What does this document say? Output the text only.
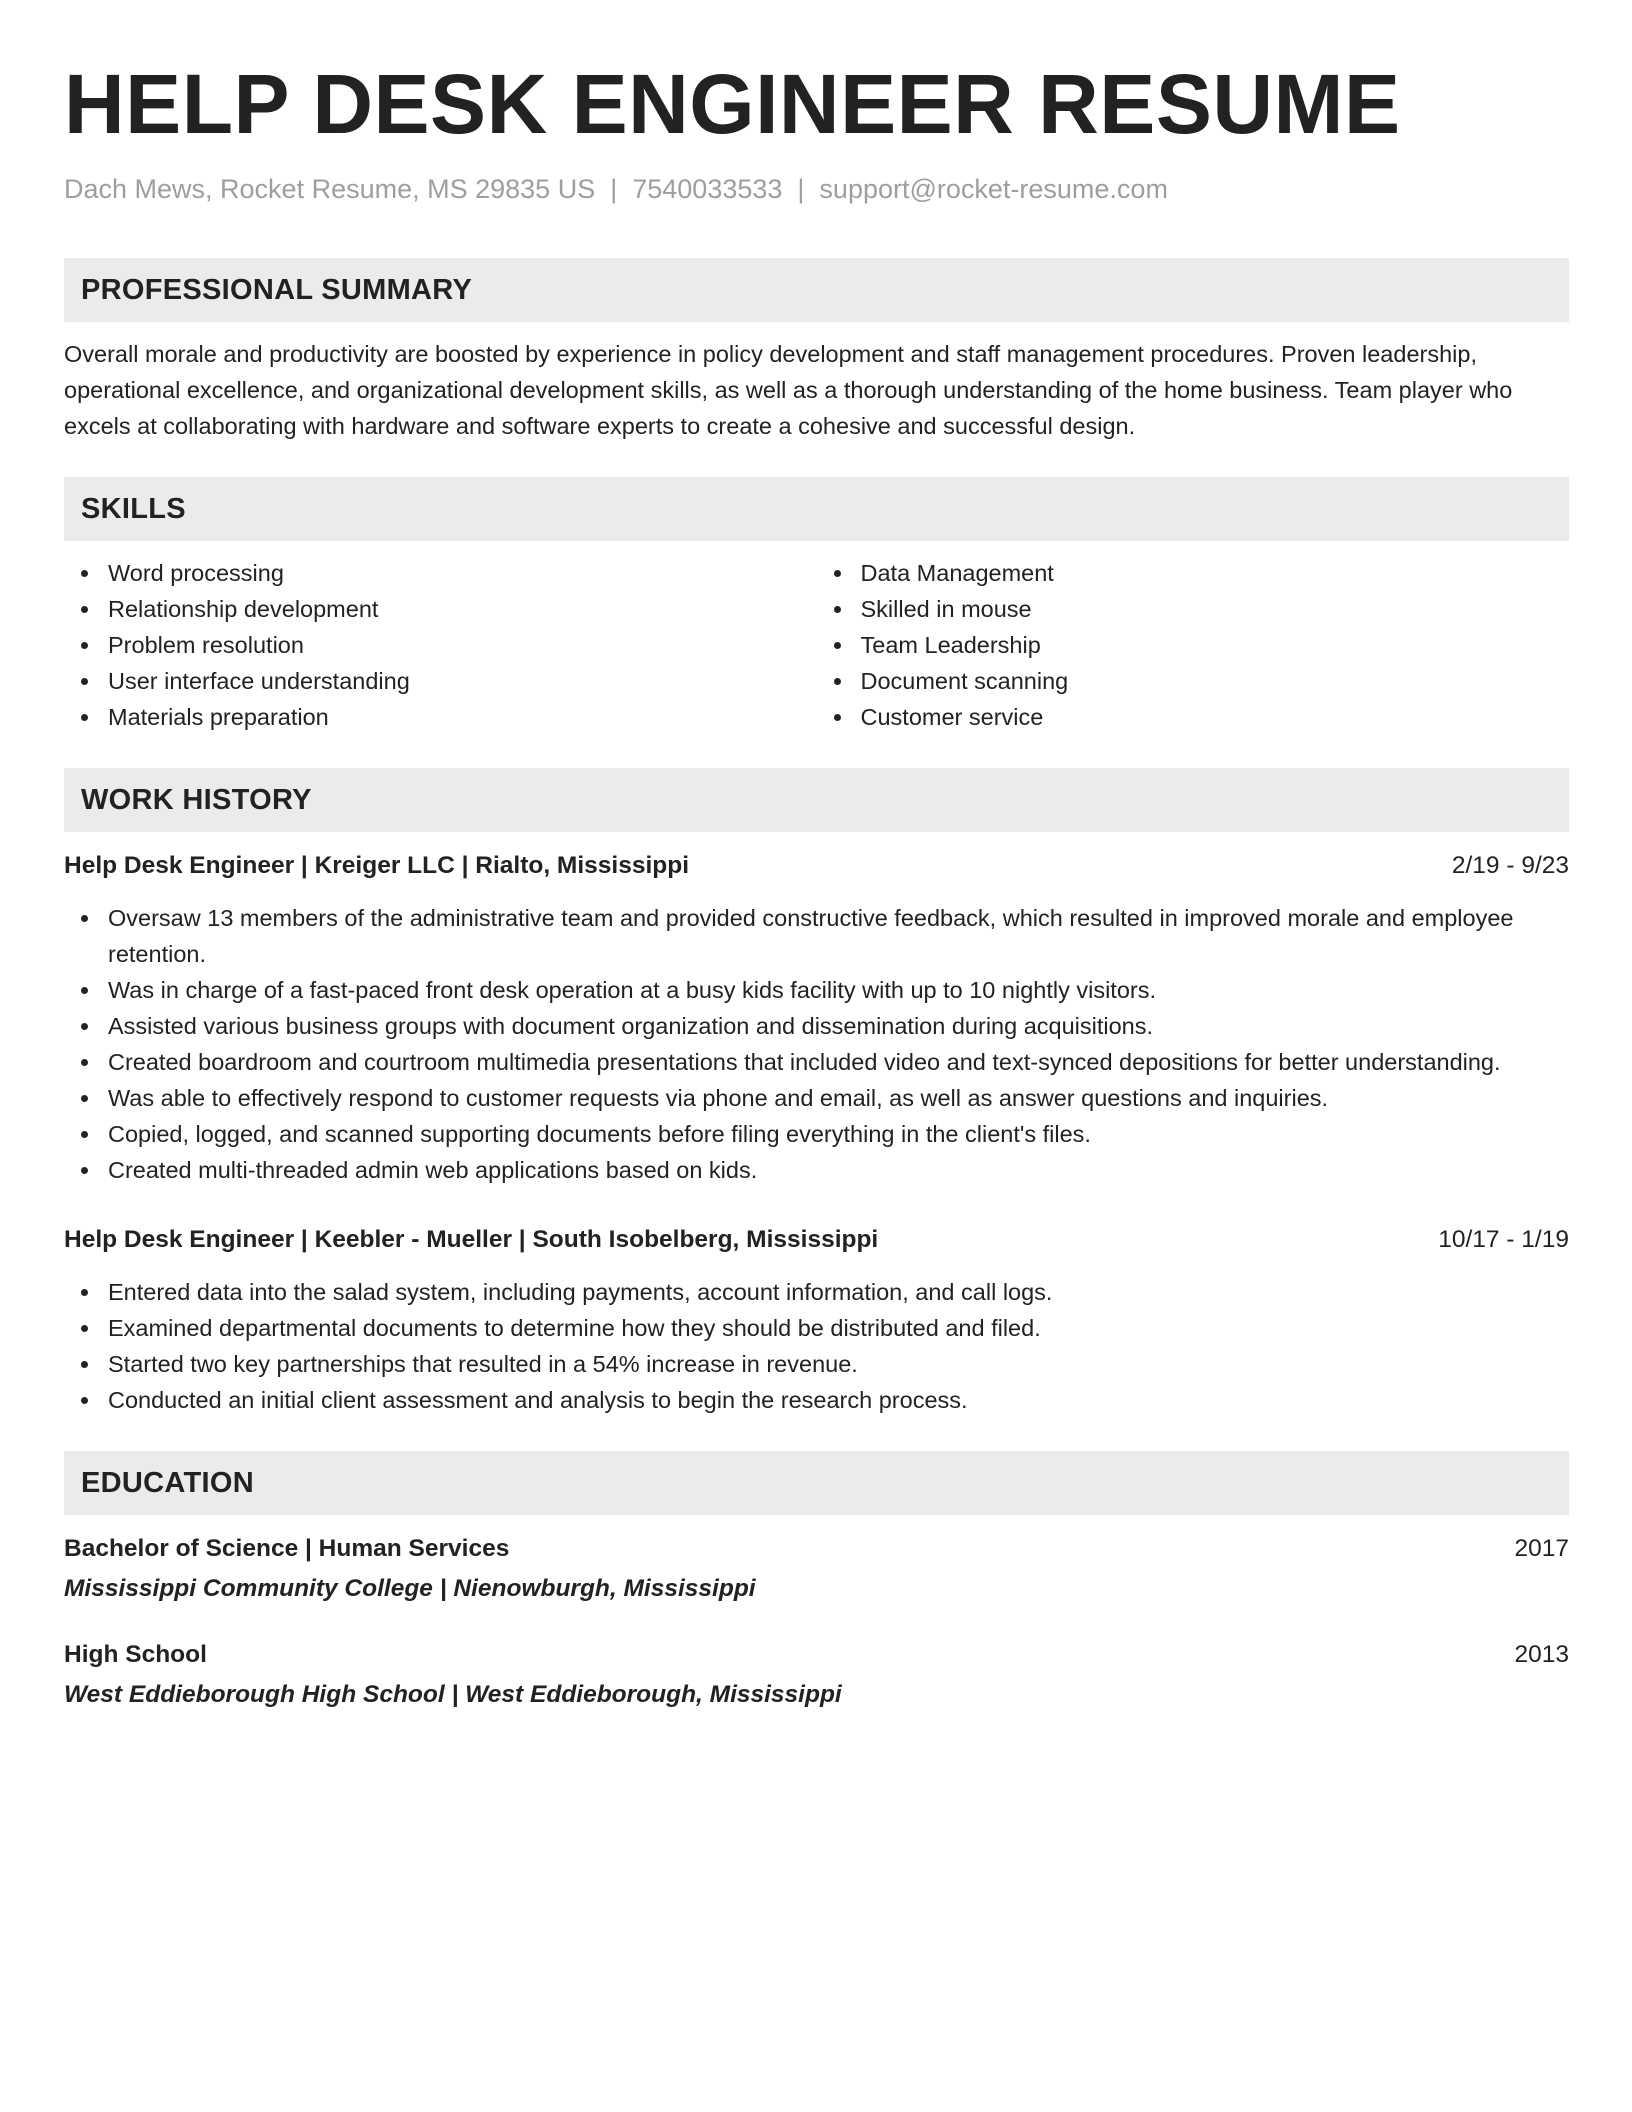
HELP DESK ENGINEER RESUME
Dach Mews, Rocket Resume, MS 29835 US | 7540033533 | support@rocket-resume.com
PROFESSIONAL SUMMARY

Overall morale and productivity are boosted by experience in policy development and staff management procedures. Proven leadership, operational excellence, and organizational development skills, as well as a thorough understanding of the home business. Team player who excels at collaborating with hardware and software experts to create a cohesive and successful design.

SKILLS
Word processing
Relationship development
Problem resolution
User interface understanding
Materials preparation
Data Management
Skilled in mouse
Team Leadership
Document scanning
Customer service
WORK HISTORY
Help Desk Engineer | Kreiger LLC | Rialto, Mississippi	2/19 - 9/23
Oversaw 13 members of the administrative team and provided constructive feedback, which resulted in improved morale and employee retention.
Was in charge of a fast-paced front desk operation at a busy kids facility with up to 10 nightly visitors.
Assisted various business groups with document organization and dissemination during acquisitions.
Created boardroom and courtroom multimedia presentations that included video and text-synced depositions for better understanding.
Was able to effectively respond to customer requests via phone and email, as well as answer questions and inquiries.
Copied, logged, and scanned supporting documents before filing everything in the client's files.
Created multi-threaded admin web applications based on kids.
Help Desk Engineer | Keebler - Mueller | South Isobelberg, Mississippi	10/17 - 1/19
Entered data into the salad system, including payments, account information, and call logs.
Examined departmental documents to determine how they should be distributed and filed.
Started two key partnerships that resulted in a 54% increase in revenue.
Conducted an initial client assessment and analysis to begin the research process.
EDUCATION
Bachelor of Science | Human Services	2017
Mississippi Community College | Nienowburgh, Mississippi
High School	2013
West Eddieborough High School | West Eddieborough, Mississippi
